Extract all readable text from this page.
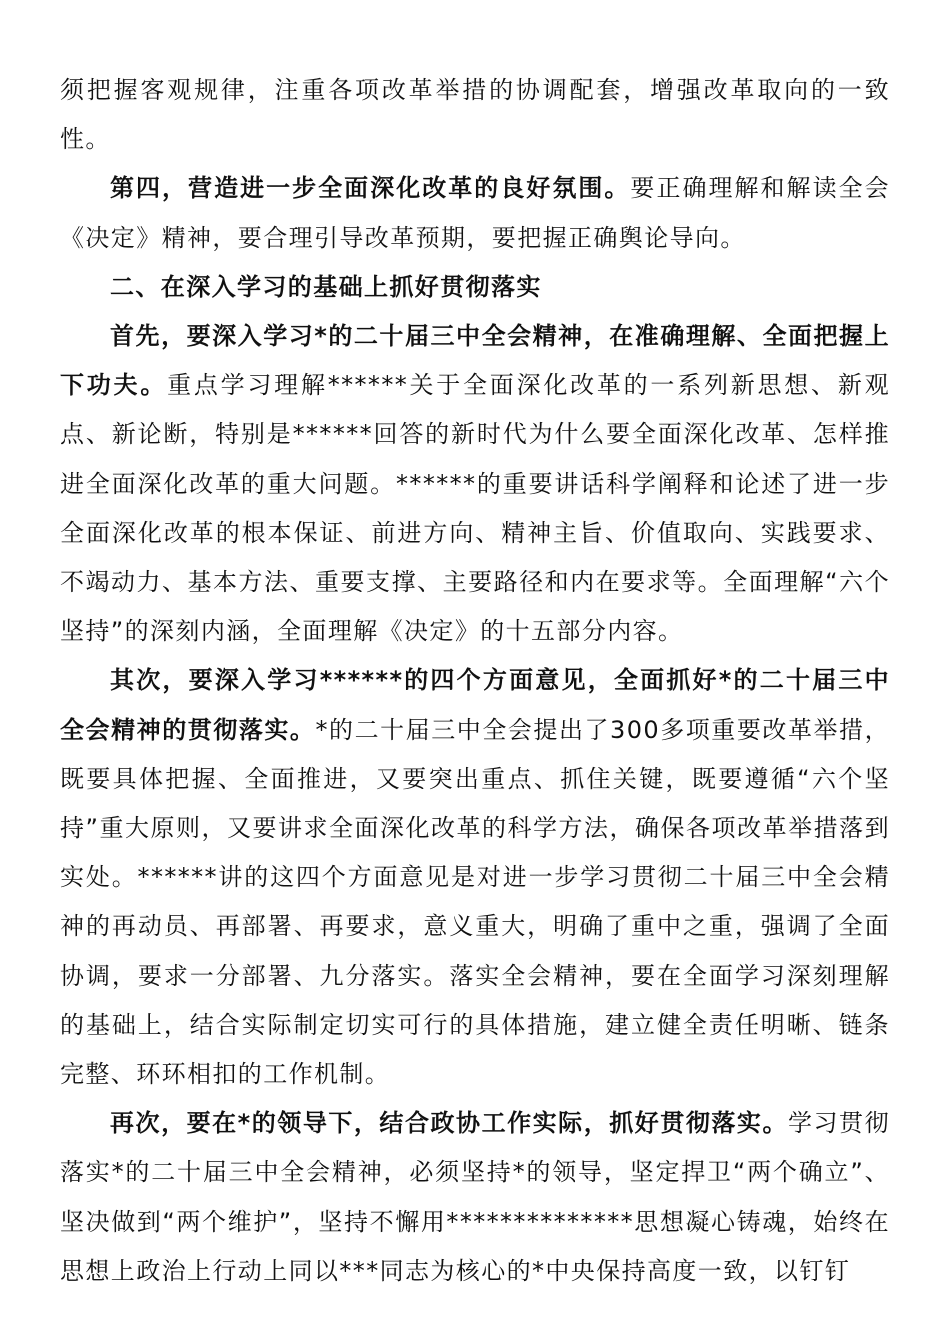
须把握客观规律，注重各项改革举措的协调配套，增强改革取向的一致性。

第四，营造进一步全面深化改革的良好氛围。要正确理解和解读全会《决定》精神，要合理引导改革预期，要把握正确舆论导向。

二、在深入学习的基础上抓好贯彻落实

首先，要深入学习*的二十届三中全会精神，在准确理解、全面把握上下功夫。重点学习理解******关于全面深化改革的一系列新思想、新观点、新论断，特别是******回答的新时代为什么要全面深化改革、怎样推进全面深化改革的重大问题。******的重要讲话科学阐释和论述了进一步全面深化改革的根本保证、前进方向、精神主旨、价值取向、实践要求、不竭动力、基本方法、重要支撑、主要路径和内在要求等。全面理解“六个坚持”的深刻内涵，全面理解《决定》的十五部分内容。

其次，要深入学习******的四个方面意见，全面抓好*的二十届三中全会精神的贯彻落实。*的二十届三中全会提出了300多项重要改革举措，既要具体把握、全面推进，又要突出重点、抓住关键，既要遵循“六个坚持”重大原则，又要讲求全面深化改革的科学方法，确保各项改革举措落到实处。******讲的这四个方面意见是对进一步学习贯彻二十届三中全会精神的再动员、再部署、再要求，意义重大，明确了重中之重，强调了全面协调，要求一分部署、九分落实。落实全会精神，要在全面学习深刻理解的基础上，结合实际制定切实可行的具体措施，建立健全责任明晰、链条完整、环环相扣的工作机制。

再次，要在*的领导下，结合政协工作实际，抓好贯彻落实。学习贯彻落实*的二十届三中全会精神，必须坚持*的领导，坚定捍卫“两个确立”、坚决做到“两个维护”，坚持不懈用**************思想凝心铸魂，始终在思想上政治上行动上同以***同志为核心的*中央保持高度一致，以钉钉
